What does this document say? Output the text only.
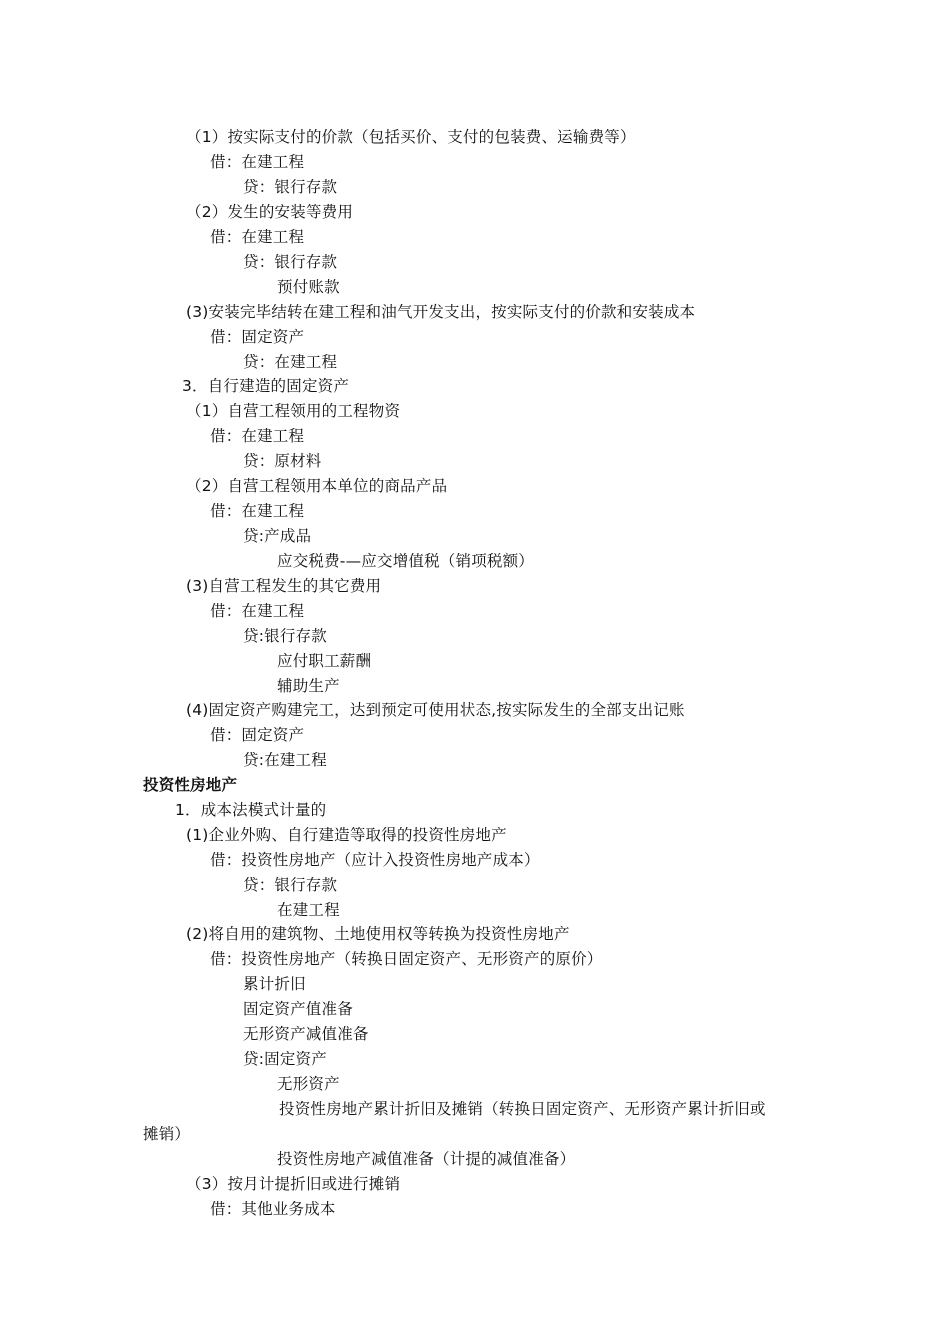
（1）按实际支付的价款（包括买价、支付的包装费、运输费等）
借：在建工程
贷：银行存款
（2）发生的安装等费用
借：在建工程
贷：银行存款
预付账款
(3)安装完毕结转在建工程和油气开发支出，按实际支付的价款和安装成本
借：固定资产
贷：在建工程
3．自行建造的固定资产
（1）自营工程领用的工程物资
借：在建工程
贷：原材料
（2）自营工程领用本单位的商品产品
借：在建工程
贷:产成品
应交税费-—应交增值税（销项税额）
(3)自营工程发生的其它费用
借：在建工程
贷:银行存款
应付职工薪酬
辅助生产
(4)固定资产购建完工，达到预定可使用状态,按实际发生的全部支出记账
借：固定资产
贷:在建工程
投资性房地产
1．成本法模式计量的
(1)企业外购、自行建造等取得的投资性房地产
借：投资性房地产（应计入投资性房地产成本）
贷：银行存款
在建工程
(2)将自用的建筑物、土地使用权等转换为投资性房地产
借：投资性房地产（转换日固定资产、无形资产的原价）
累计折旧
固定资产值准备
无形资产减值准备
贷:固定资产
无形资产
投资性房地产累计折旧及摊销（转换日固定资产、无形资产累计折旧或
摊销）
投资性房地产减值准备（计提的减值准备）
（3）按月计提折旧或进行摊销
借：其他业务成本
